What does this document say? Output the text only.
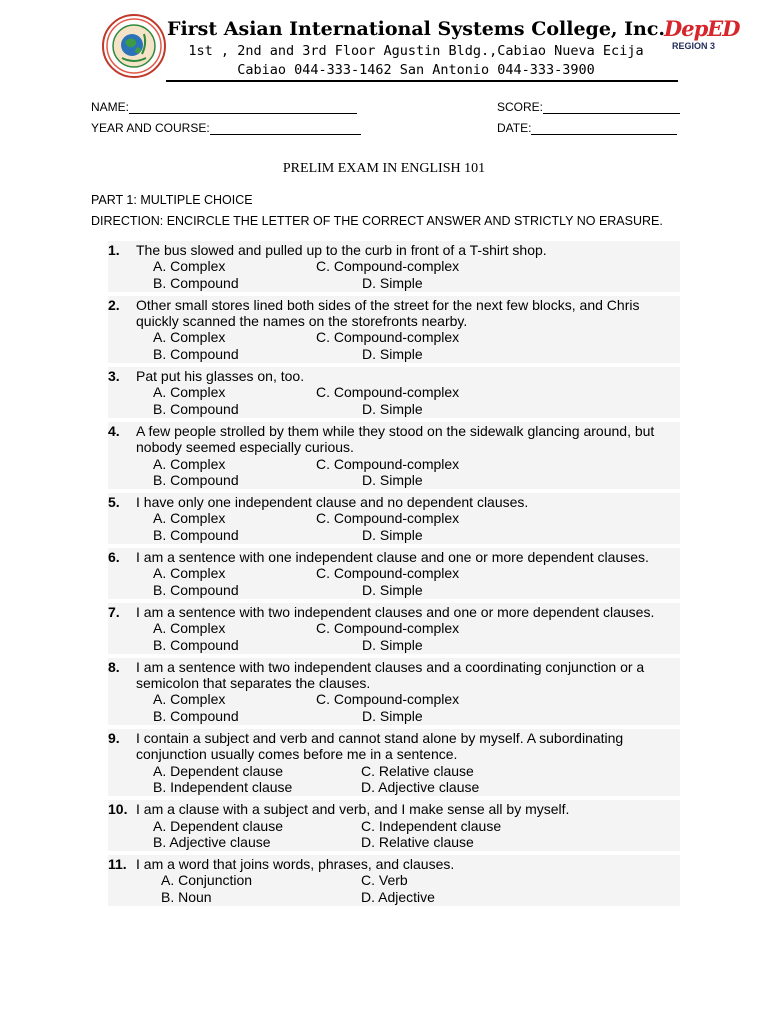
First Asian International Systems College, Inc.
1st , 2nd and 3rd Floor Agustin Bldg.,Cabiao Nueva Ecija
Cabiao 044-333-1462 San Antonio 044-333-3900
DepED
REGION 3
NAME:	SCORE:
YEAR AND COURSE:	DATE:
PRELIM EXAM IN ENGLISH 101
PART 1: MULTIPLE CHOICE
DIRECTION: ENCIRCLE THE LETTER OF THE CORRECT ANSWER AND STRICTLY NO ERASURE.
1.	The bus slowed and pulled up to the curb in front of a T-shirt shop.
A. Complex	C. Compound-complex
B. Compound	D. Simple
2.	Other small stores lined both sides of the street for the next few blocks, and Chris quickly scanned the names on the storefronts nearby.
A. Complex	C. Compound-complex
B. Compound	D. Simple
3.	Pat put his glasses on, too.
A. Complex	C. Compound-complex
B. Compound	D. Simple
4.	A few people strolled by them while they stood on the sidewalk glancing around, but nobody seemed especially curious.
A. Complex	C. Compound-complex
B. Compound	D. Simple
5.	I have only one independent clause and no dependent clauses.
A. Complex	C. Compound-complex
B. Compound	D. Simple
6.	I am a sentence with one independent clause and one or more dependent clauses.
A. Complex	C. Compound-complex
B. Compound	D. Simple
7.	I am a sentence with two independent clauses and one or more dependent clauses.
A. Complex	C. Compound-complex
B. Compound	D. Simple
8.	I am a sentence with two independent clauses and a coordinating conjunction or a semicolon that separates the clauses.
A. Complex	C. Compound-complex
B. Compound	D. Simple
9.	I contain a subject and verb and cannot stand alone by myself. A subordinating conjunction usually comes before me in a sentence.
A. Dependent clause	C. Relative clause
B. Independent clause	D. Adjective clause
10. I am a clause with a subject and verb, and I make sense all by myself.
A. Dependent clause	C. Independent clause
B. Adjective clause	D. Relative clause
11. I am a word that joins words, phrases, and clauses.
A. Conjunction	C. Verb
B. Noun	D. Adjective
